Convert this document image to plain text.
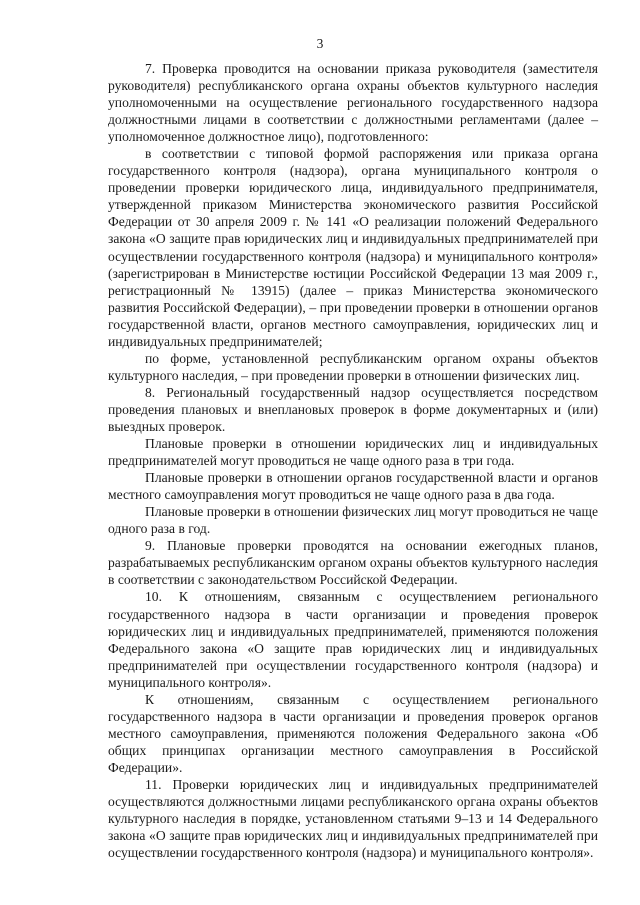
3

7. Проверка проводится на основании приказа руководителя (заместителя руководителя) республиканского органа охраны объектов культурного наследия уполномоченными на осуществление регионального государственного надзора должностными лицами в соответствии с должностными регламентами (далее – уполномоченное должностное лицо), подготовленного:

в соответствии с типовой формой распоряжения или приказа органа государственного контроля (надзора), органа муниципального контроля о проведении проверки юридического лица, индивидуального предпринимателя, утвержденной приказом Министерства экономического развития Российской Федерации от 30 апреля 2009 г. № 141 «О реализации положений Федерального закона «О защите прав юридических лиц и индивидуальных предпринимателей при осуществлении государственного контроля (надзора) и муниципального контроля» (зарегистрирован в Министерстве юстиции Российской Федерации 13 мая 2009 г., регистрационный № 13915) (далее – приказ Министерства экономического развития Российской Федерации), – при проведении проверки в отношении органов государственной власти, органов местного самоуправления, юридических лиц и индивидуальных предпринимателей;

по форме, установленной республиканским органом охраны объектов культурного наследия, – при проведении проверки в отношении физических лиц.

8. Региональный государственный надзор осуществляется посредством проведения плановых и внеплановых проверок в форме документарных и (или) выездных проверок.

Плановые проверки в отношении юридических лиц и индивидуальных предпринимателей могут проводиться не чаще одного раза в три года.

Плановые проверки в отношении органов государственной власти и органов местного самоуправления могут проводиться не чаще одного раза в два года.

Плановые проверки в отношении физических лиц могут проводиться не чаще одного раза в год.

9. Плановые проверки проводятся на основании ежегодных планов, разрабатываемых республиканским органом охраны объектов культурного наследия в соответствии с законодательством Российской Федерации.

10. К отношениям, связанным с осуществлением регионального государственного надзора в части организации и проведения проверок юридических лиц и индивидуальных предпринимателей, применяются положения Федерального закона «О защите прав юридических лиц и индивидуальных предпринимателей при осуществлении государственного контроля (надзора) и муниципального контроля».

К отношениям, связанным с осуществлением регионального государственного надзора в части организации и проведения проверок органов местного самоуправления, применяются положения Федерального закона «Об общих принципах организации местного самоуправления в Российской Федерации».

11. Проверки юридических лиц и индивидуальных предпринимателей осуществляются должностными лицами республиканского органа охраны объектов культурного наследия в порядке, установленном статьями 9–13 и 14 Федерального закона «О защите прав юридических лиц и индивидуальных предпринимателей при осуществлении государственного контроля (надзора) и муниципального контроля».
